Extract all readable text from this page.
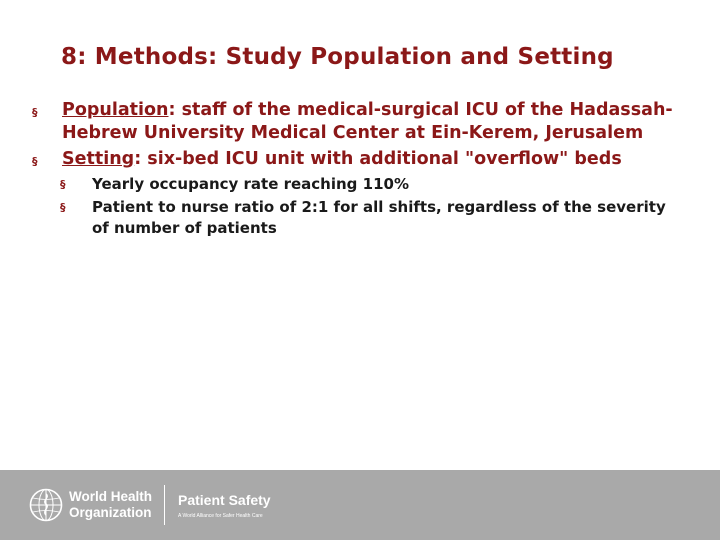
8: Methods: Study Population and Setting
§ Population: staff of the medical-surgical ICU of the Hadassah-Hebrew University Medical Center at Ein-Kerem, Jerusalem
§ Setting: six-bed ICU unit with additional "overflow" beds
§ Yearly occupancy rate reaching 110%
§ Patient to nurse ratio of 2:1 for all shifts, regardless of the severity of number of patients
World Health
Organization
Patient Safety
A World Alliance for Safer Health Care
